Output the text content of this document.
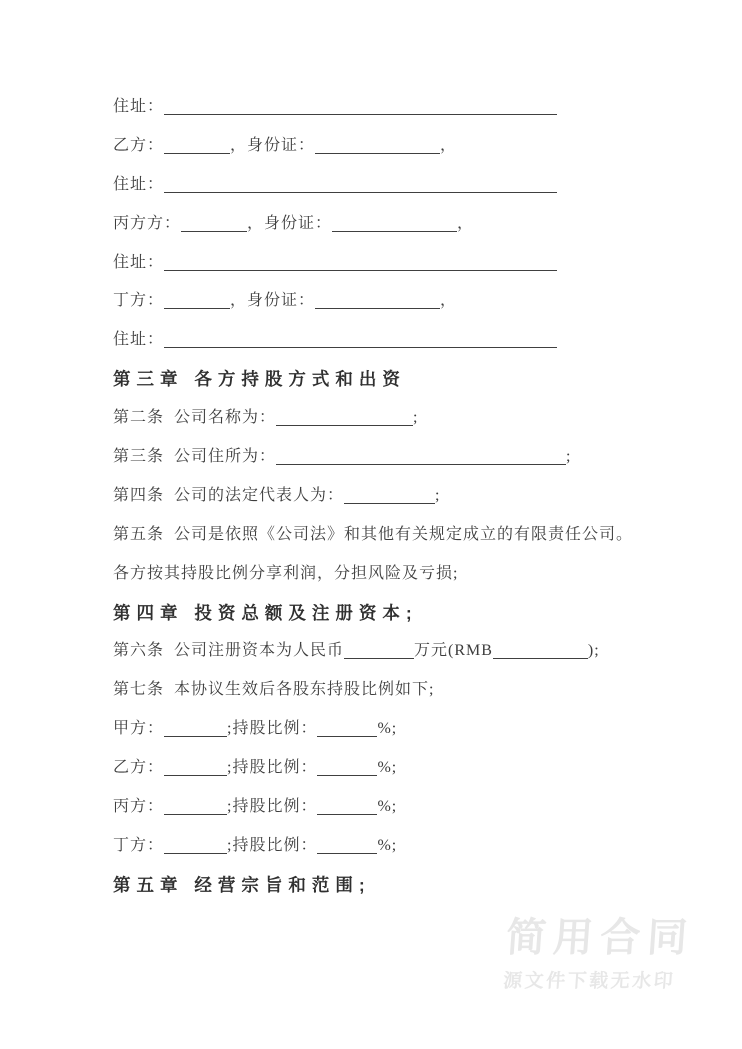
住址：
乙方：	，身份证：	，
住址：
丙方方：	，身份证：	，
住址：
丁方：	，身份证：	，
住址：
第三章 各方持股方式和出资
第二条  公司名称为：	;
第三条  公司住所为：	;
第四条  公司的法定代表人为：	;
第五条  公司是依照《公司法》和其他有关规定成立的有限责任公司。
各方按其持股比例分享利润，分担风险及亏损;
第四章 投资总额及注册资本;
第六条  公司注册资本为人民币	万元(RMB	);
第七条  本协议生效后各股东持股比例如下;
甲方：	;持股比例：	%;
乙方：	;持股比例：	%;
丙方：	;持股比例：	%;
丁方：	;持股比例：	%;
第五章 经营宗旨和范围;
简用合同
源文件下载无水印
